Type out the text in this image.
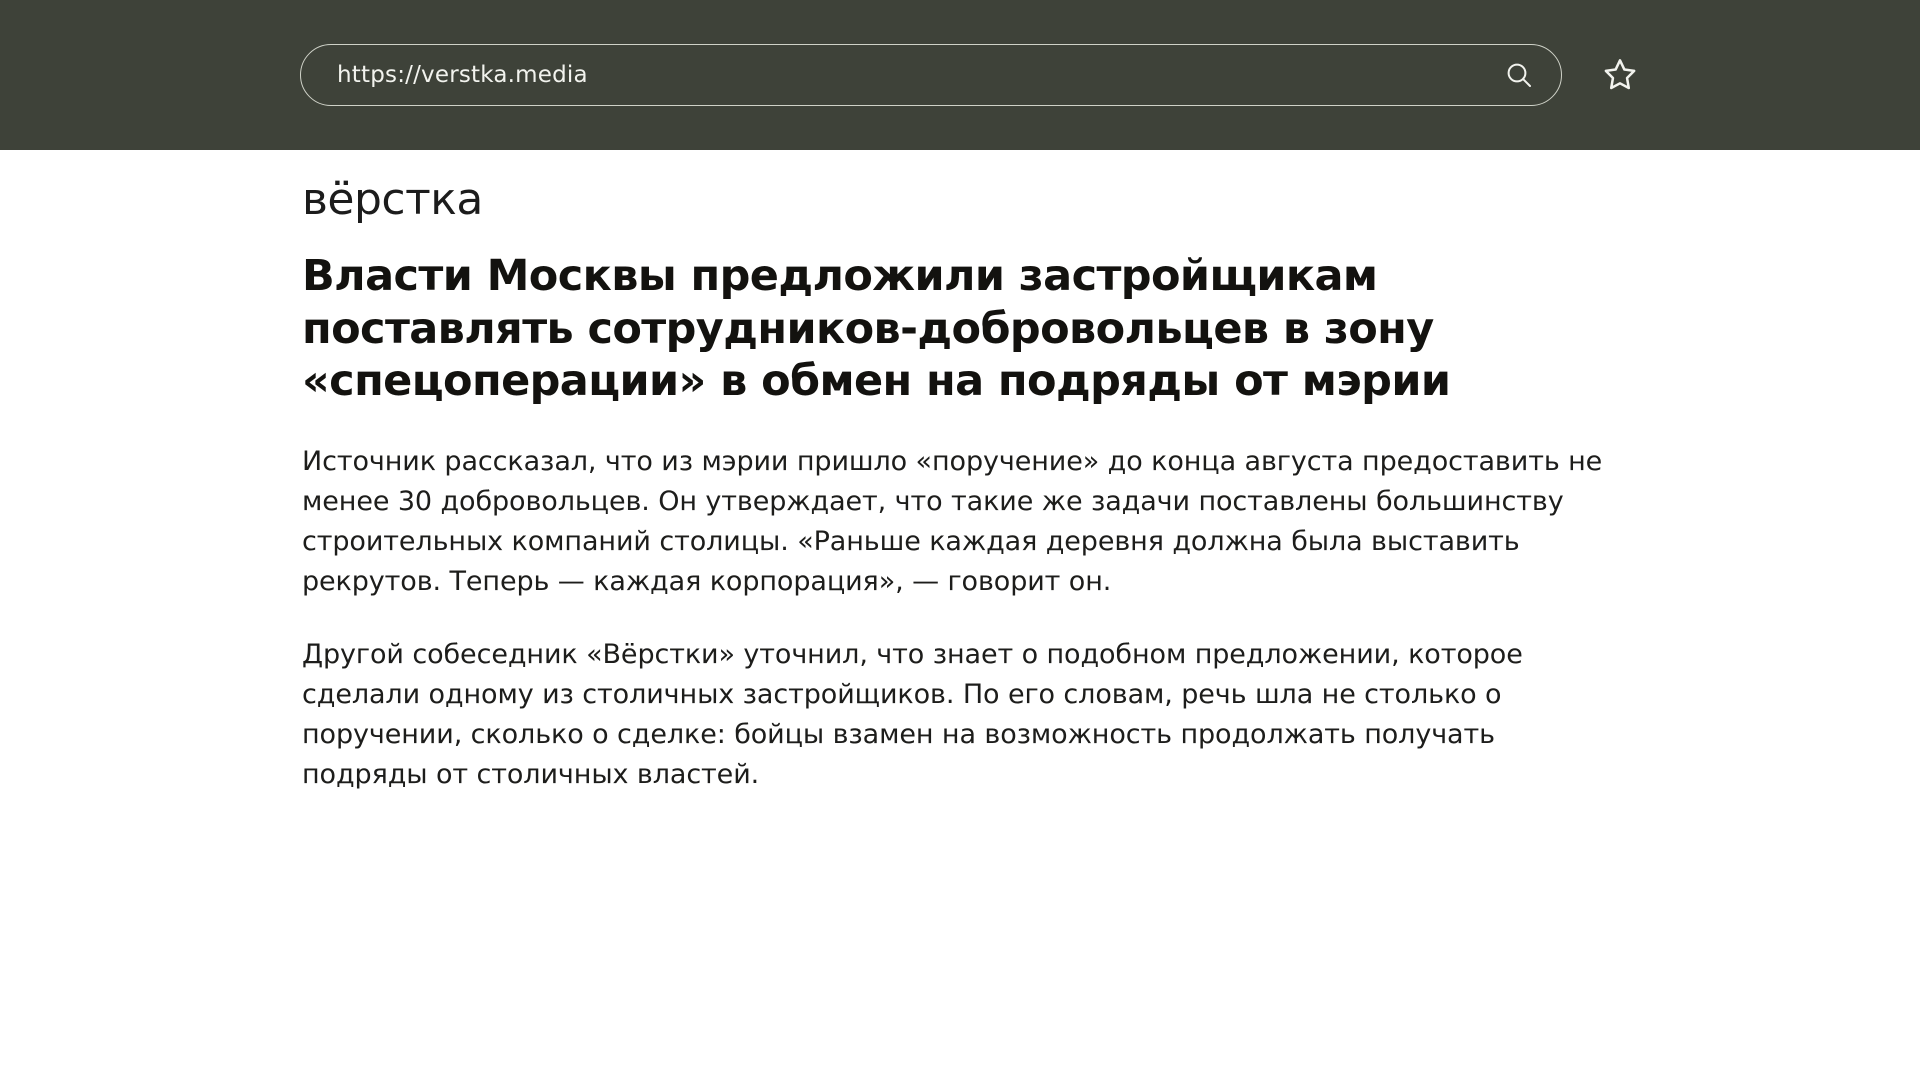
https://verstka.media
вёрстка
Власти Москвы предложили застройщикам поставлять сотрудников-добровольцев в зону «спецоперации» в обмен на подряды от мэрии

Источник рассказал, что из мэрии пришло «поручение» до конца августа предоставить не менее 30 добровольцев. Он утверждает, что такие же задачи поставлены большинству строительных компаний столицы. «Раньше каждая деревня должна была выставить рекрутов. Теперь — каждая корпорация», — говорит он.

Другой собеседник «Вёрстки» уточнил, что знает о подобном предложении, которое сделали одному из столичных застройщиков. По его словам, речь шла не столько о поручении, сколько о сделке: бойцы взамен на возможность продолжать получать подряды от столичных властей.
